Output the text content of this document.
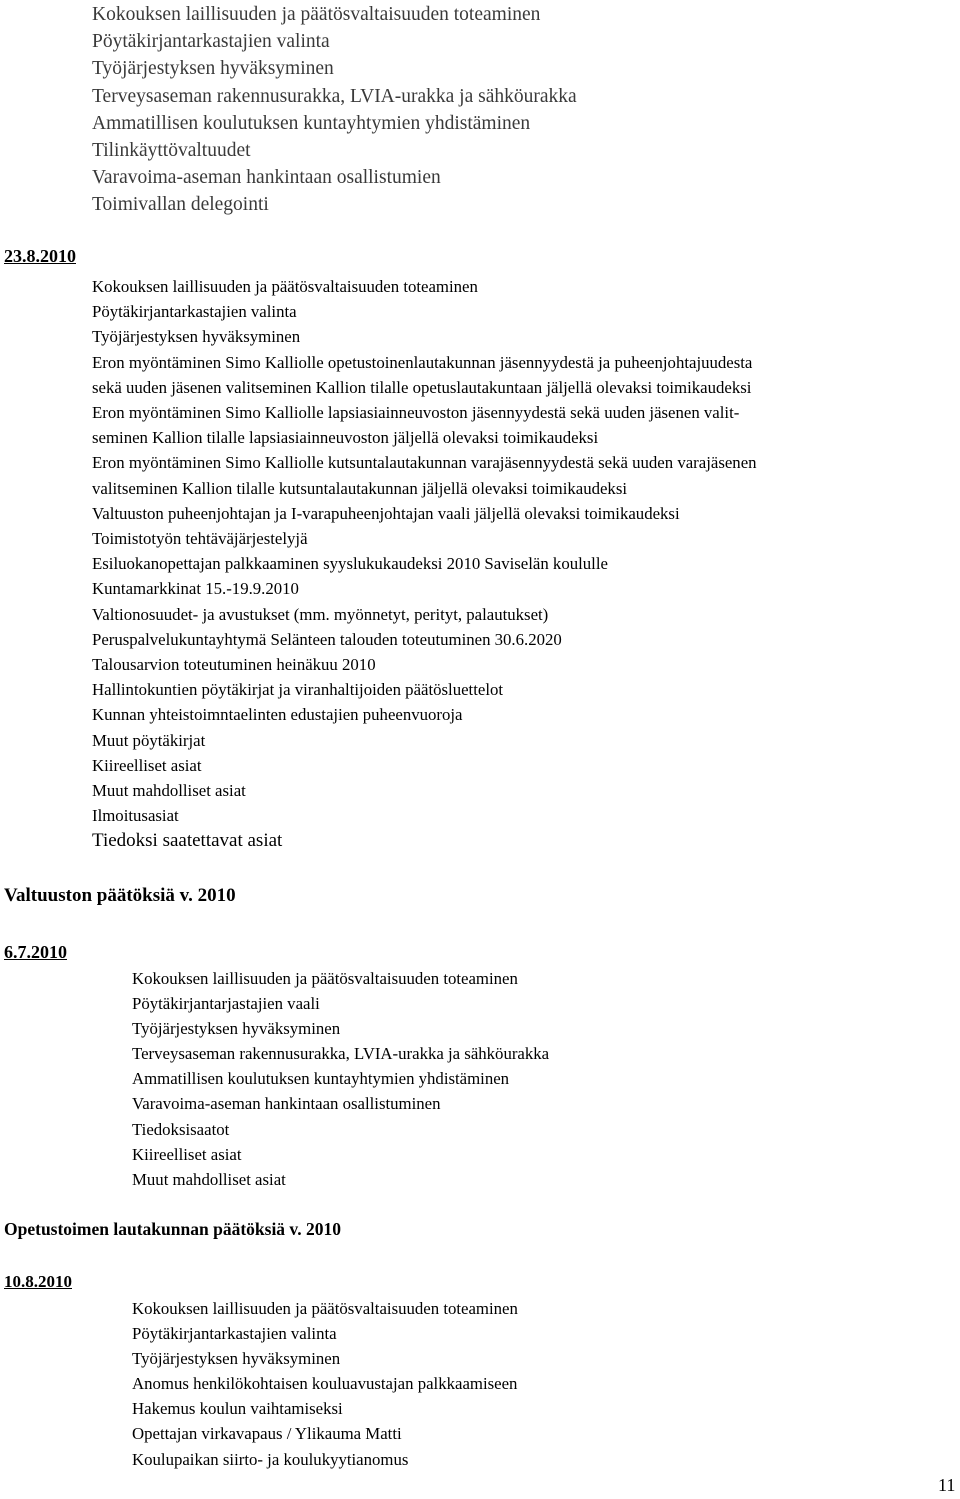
Kokouksen laillisuuden ja päätösvaltaisuuden toteaminen
Pöytäkirjantarkastajien valinta
Työjärjestyksen hyväksyminen
Terveysaseman rakennusurakka, LVIA-urakka ja sähköurakka
Ammatillisen koulutuksen kuntayhtymien yhdistäminen
Tilinkäyttövaltuudet
Varavoima-aseman hankintaan osallistumien
Toimivallan delegointi
23.8.2010
Kokouksen laillisuuden ja päätösvaltaisuuden toteaminen
Pöytäkirjantarkastajien valinta
Työjärjestyksen hyväksyminen
Eron myöntäminen Simo Kalliolle opetustoinenlautakunnan jäsennyydestä ja puheenjohtajuudesta
sekä uuden jäsenen valitseminen Kallion tilalle opetuslautakuntaan jäljellä olevaksi toimikaudeksi
Eron myöntäminen Simo Kalliolle lapsiasiainneuvoston jäsennyydestä sekä uuden jäsenen valit-
seminen Kallion tilalle lapsiasiainneuvoston jäljellä olevaksi toimikaudeksi
Eron myöntäminen Simo Kalliolle kutsuntalautakunnan varajäsennyydestä sekä uuden varajäsenen
valitseminen Kallion tilalle kutsuntalautakunnan jäljellä olevaksi toimikaudeksi
Valtuuston puheenjohtajan ja I-varapuheenjohtajan vaali jäljellä olevaksi toimikaudeksi
Toimistotyön tehtäväjärjestelyjä
Esiluokanopettajan palkkaaminen syyslukukaudeksi 2010 Saviselän koululle
Kuntamarkkinat 15.-19.9.2010
Valtionosuudet- ja avustukset (mm. myönnetyt, perityt, palautukset)
Peruspalvelukuntayhtymä Selänteen talouden toteutuminen 30.6.2020
Talousarvion toteutuminen heinäkuu 2010
Hallintokuntien pöytäkirjat ja viranhaltijoiden päätösluettelot
Kunnan yhteistoimntaelinten edustajien puheenvuoroja
Muut pöytäkirjat
Kiireelliset asiat
Muut mahdolliset asiat
Ilmoitusasiat
Tiedoksi saatettavat asiat
Valtuuston päätöksiä v. 2010
6.7.2010
Kokouksen laillisuuden ja päätösvaltaisuuden toteaminen
Pöytäkirjantarjastajien vaali
Työjärjestyksen hyväksyminen
Terveysaseman rakennusurakka, LVIA-urakka ja sähköurakka
Ammatillisen koulutuksen kuntayhtymien yhdistäminen
Varavoima-aseman hankintaan osallistuminen
Tiedoksisaatot
Kiireelliset asiat
Muut mahdolliset asiat
Opetustoimen lautakunnan päätöksiä v. 2010
10.8.2010
Kokouksen laillisuuden ja päätösvaltaisuuden toteaminen
Pöytäkirjantarkastajien valinta
Työjärjestyksen hyväksyminen
Anomus henkilökohtaisen kouluavustajan palkkaamiseen
Hakemus koulun vaihtamiseksi
Opettajan virkavapaus / Ylikauma Matti
Koulupaikan siirto- ja koulukyytianomus
11
